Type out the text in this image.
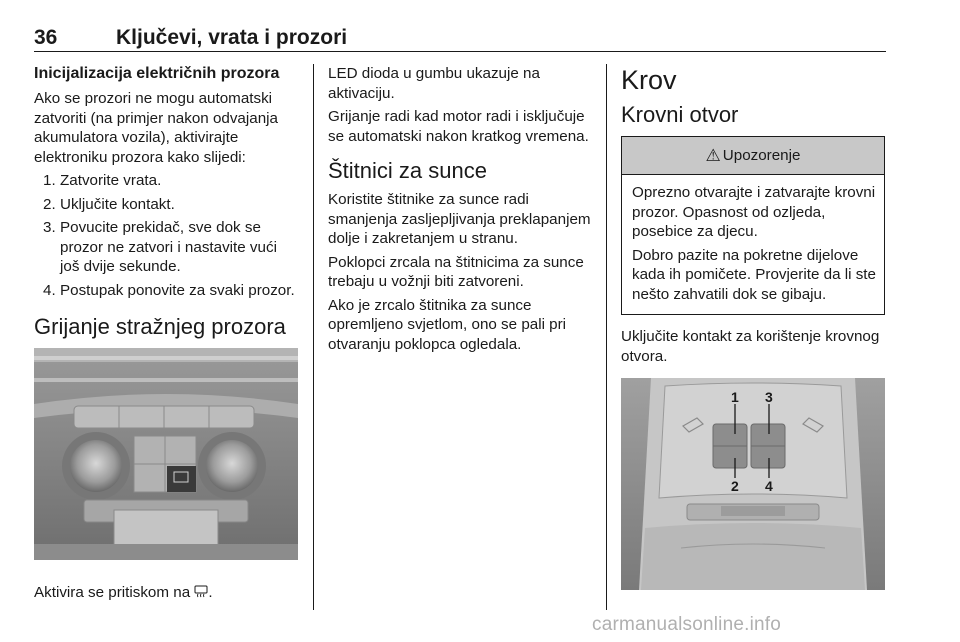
36	Ključevi, vrata i prozori
Inicijalizacija električnih prozora
Ako se prozori ne mogu automatski zatvoriti (na primjer nakon odvajanja akumulatora vozila), aktivirajte elektroniku prozora kako slijedi:
1. Zatvorite vrata.
2. Uključite kontakt.
3. Povucite prekidač, sve dok se prozor ne zatvori i nastavite vući još dvije sekunde.
4. Postupak ponovite za svaki prozor.
Grijanje stražnjeg prozora
Aktivira se pritiskom na .
LED dioda u gumbu ukazuje na aktivaciju.
Grijanje radi kad motor radi i isključuje se automatski nakon kratkog vremena.
Štitnici za sunce
Koristite štitnike za sunce radi smanjenja zasljepljivanja preklapanjem dolje i zakretanjem u stranu.
Poklopci zrcala na štitnicima za sunce trebaju u vožnji biti zatvoreni.
Ako je zrcalo štitnika za sunce opremljeno svjetlom, ono se pali pri otvaranju poklopca ogledala.
Krov
Krovni otvor
⚠ Upozorenje
Oprezno otvarajte i zatvarajte krovni prozor. Opasnost od ozljeda, posebice za djecu.
Dobro pazite na pokretne dijelove kada ih pomičete. Provjerite da li ste nešto zahvatili dok se gibaju.
Uključite kontakt za korištenje krovnog otvora.
1 3
2 4
carmanualsonline.info
